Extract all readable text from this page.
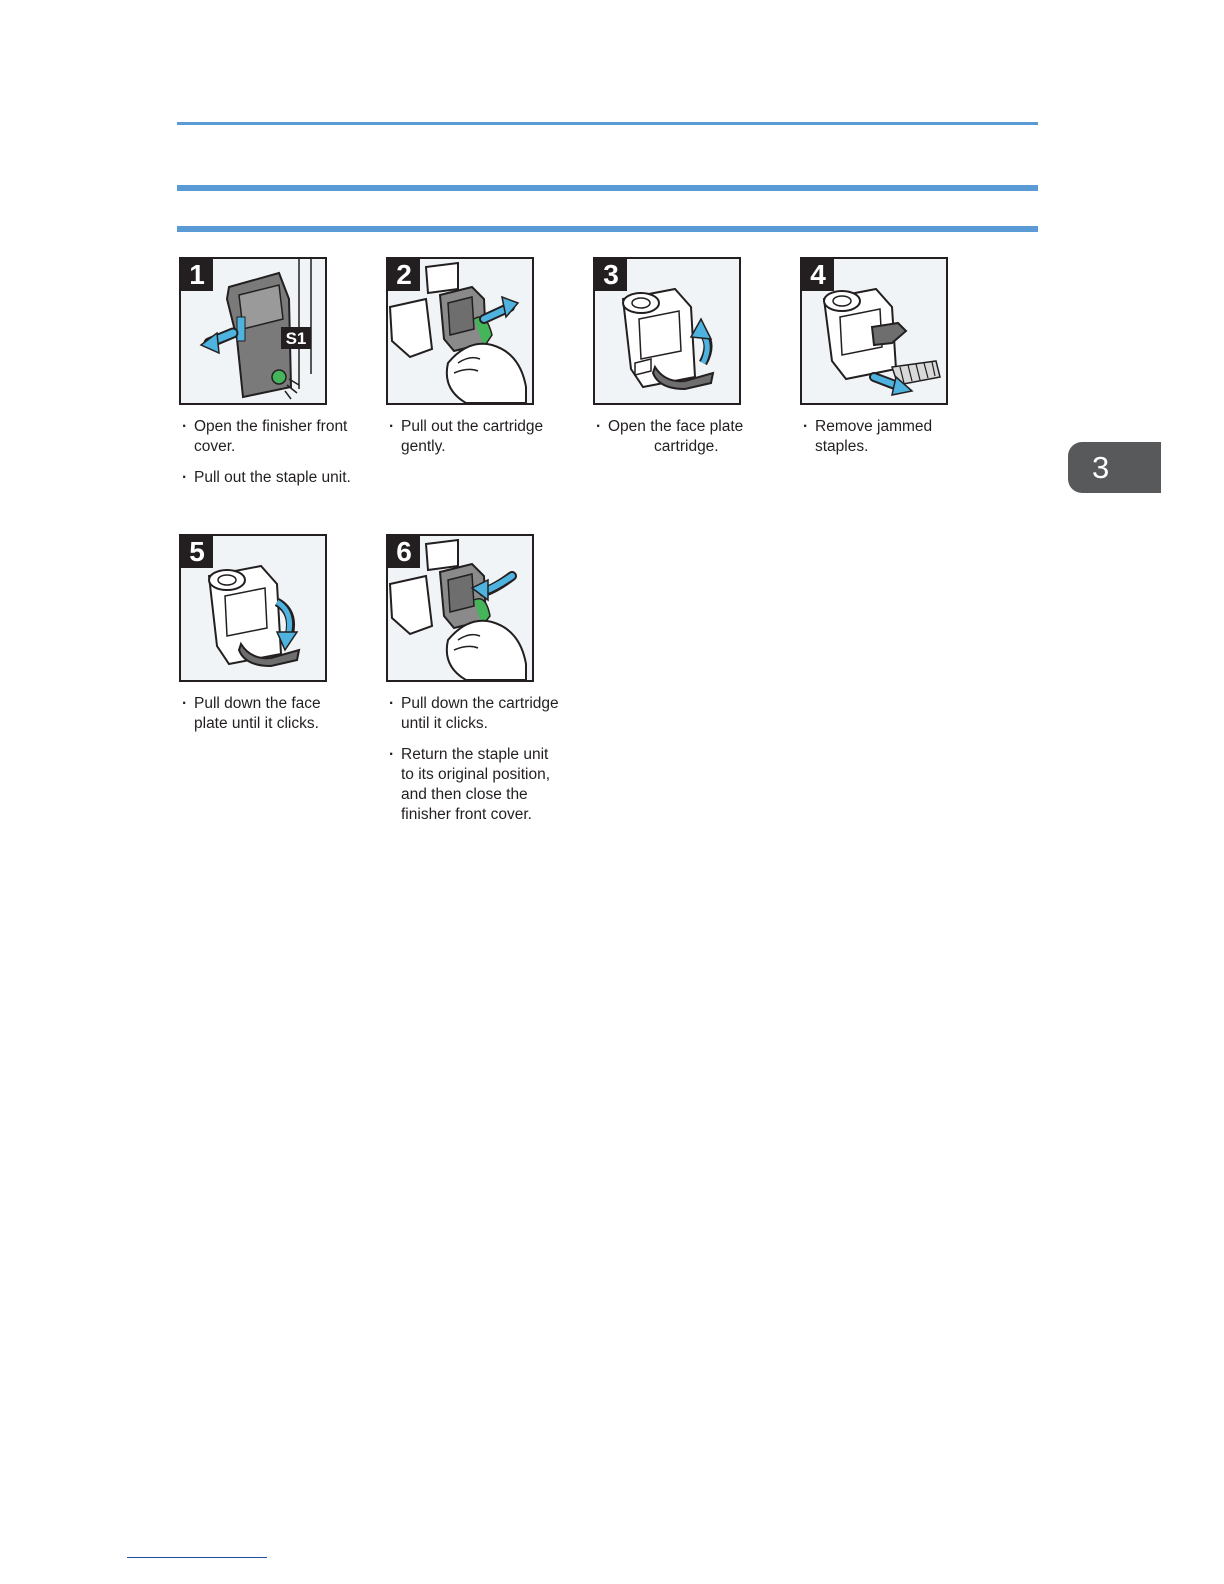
3
1
S1
· Open the finisher front cover.
· Pull out the staple unit.
2
· Pull out the cartridge gently.
3
· Open the face plate
cartridge.
4
· Remove jammed staples.
5
· Pull down the face plate until it clicks.
6
· Pull down the cartridge until it clicks.
· Return the staple unit to its original position, and then close the finisher front cover.
